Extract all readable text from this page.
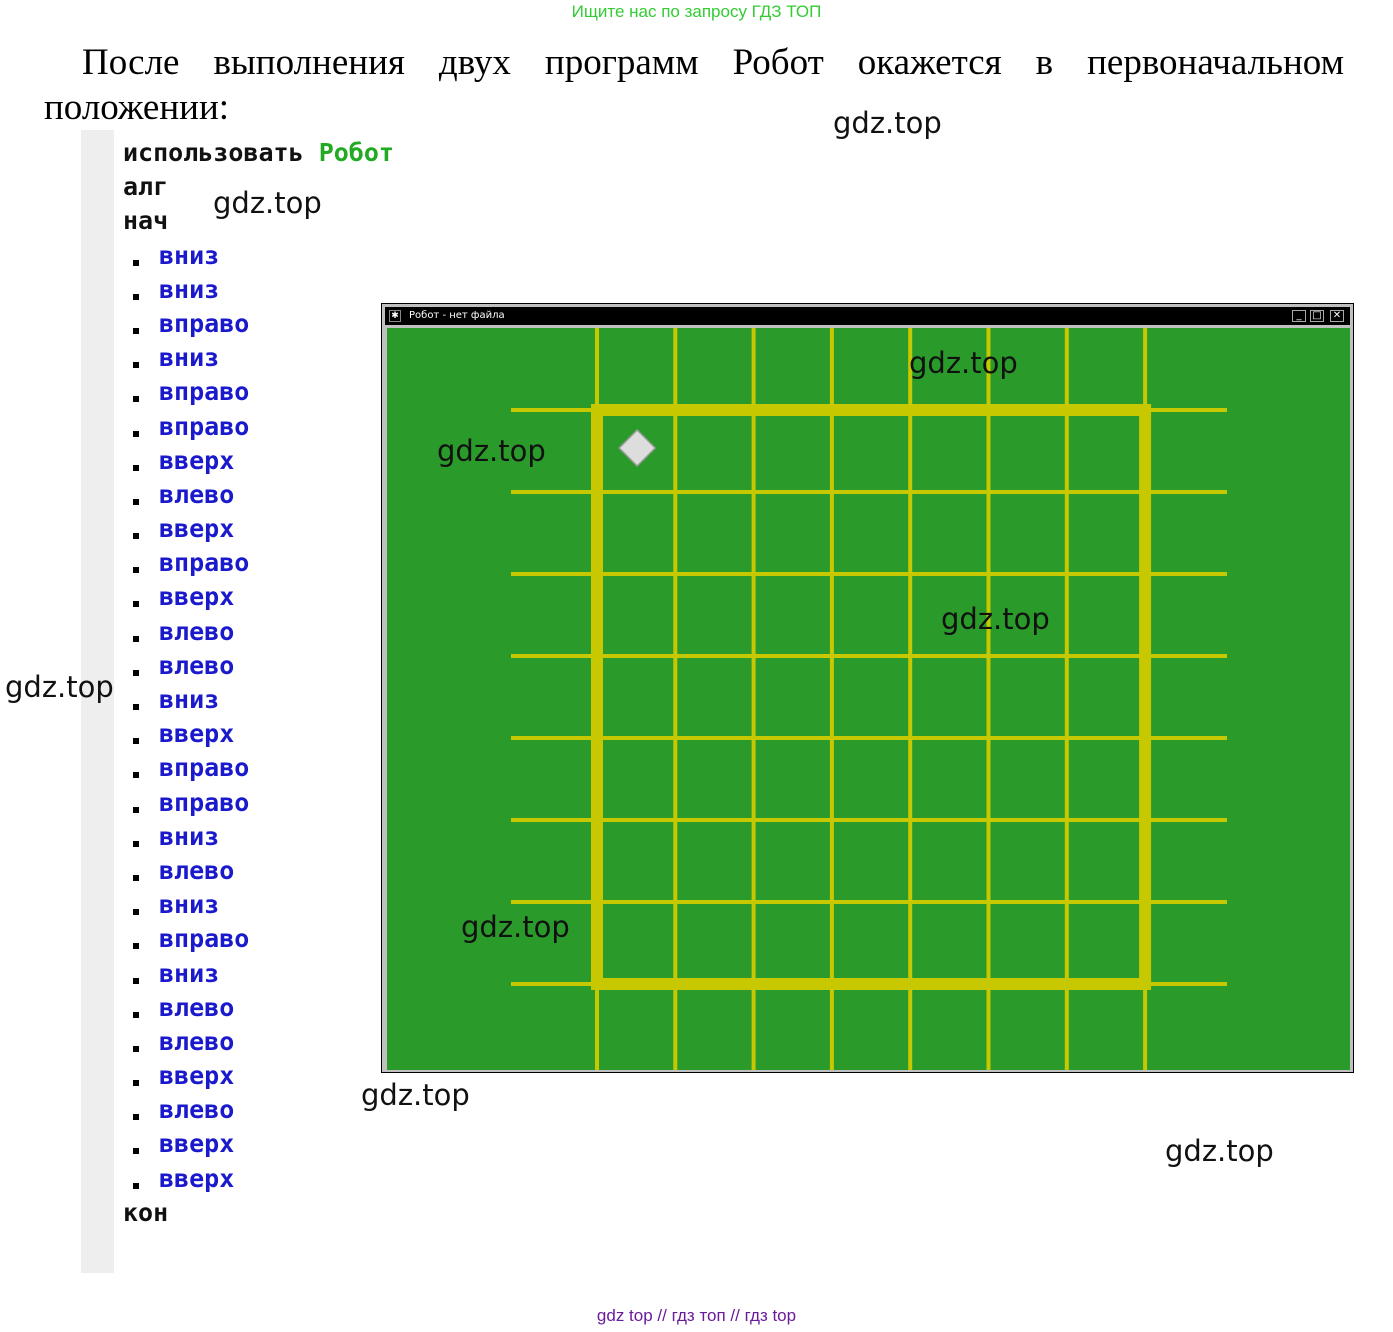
Ищите нас по запросу ГДЗ ТОП

После выполнения двух программ Робот окажется в первоначальном положении:

использовать Робот
алг
нач
вниз
вниз
вправо
вниз
вправо
вправо
вверх
влево
вверх
вправо
вверх
влево
влево
вниз
вверх
вправо
вправо
вниз
влево
вниз
вправо
вниз
влево
влево
вверх
влево
вверх
вверх
кон
✱ Робот - нет файла	_	□ ✕
gdz.top
gdz.top
gdz.top
gdz.top
gdz.top
gdz.top
gdz.top
gdz.top
gdz.top
gdz top // гдз топ // гдз top
